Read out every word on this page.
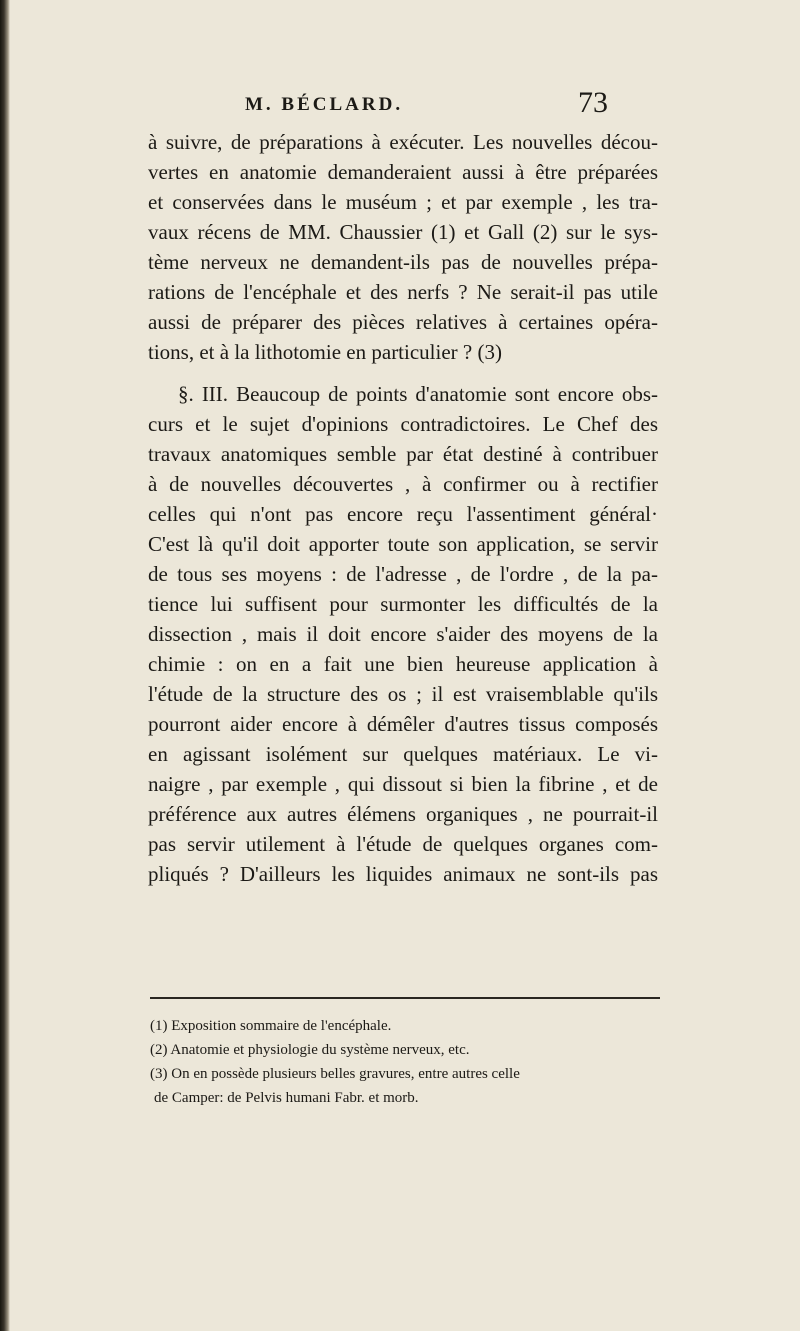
M. BÉCLARD.	73
à suivre, de préparations à exécuter. Les nouvelles décou-
vertes en anatomie demanderaient aussi à être préparées
et conservées dans le muséum ; et par exemple , les tra-
vaux récens de MM. Chaussier (1) et Gall (2) sur le sys-
tème nerveux ne demandent-ils pas de nouvelles prépa-
rations de l'encéphale et des nerfs ? Ne serait-il pas utile
aussi de préparer des pièces relatives à certaines opéra-
tions, et à la lithotomie en particulier ? (3)
§. III. Beaucoup de points d'anatomie sont encore obs-
curs et le sujet d'opinions contradictoires. Le Chef des
travaux anatomiques semble par état destiné à contribuer
à de nouvelles découvertes , à confirmer ou à rectifier
celles qui n'ont pas encore reçu l'assentiment général·
C'est là qu'il doit apporter toute son application, se servir
de tous ses moyens : de l'adresse , de l'ordre , de la pa-
tience lui suffisent pour surmonter les difficultés de la
dissection , mais il doit encore s'aider des moyens de la
chimie : on en a fait une bien heureuse application à
l'étude de la structure des os ; il est vraisemblable qu'ils
pourront aider encore à démêler d'autres tissus composés
en agissant isolément sur quelques matériaux. Le vi-
naigre , par exemple , qui dissout si bien la fibrine , et de
préférence aux autres élémens organiques , ne pourrait-il
pas servir utilement à l'étude de quelques organes com-
pliqués ? D'ailleurs les liquides animaux ne sont-ils pas
(1) Exposition sommaire de l'encéphale.
(2) Anatomie et physiologie du système nerveux, etc.
(3) On en possède plusieurs belles gravures, entre autres celle
de Camper: de Pelvis humani Fabr. et morb.
